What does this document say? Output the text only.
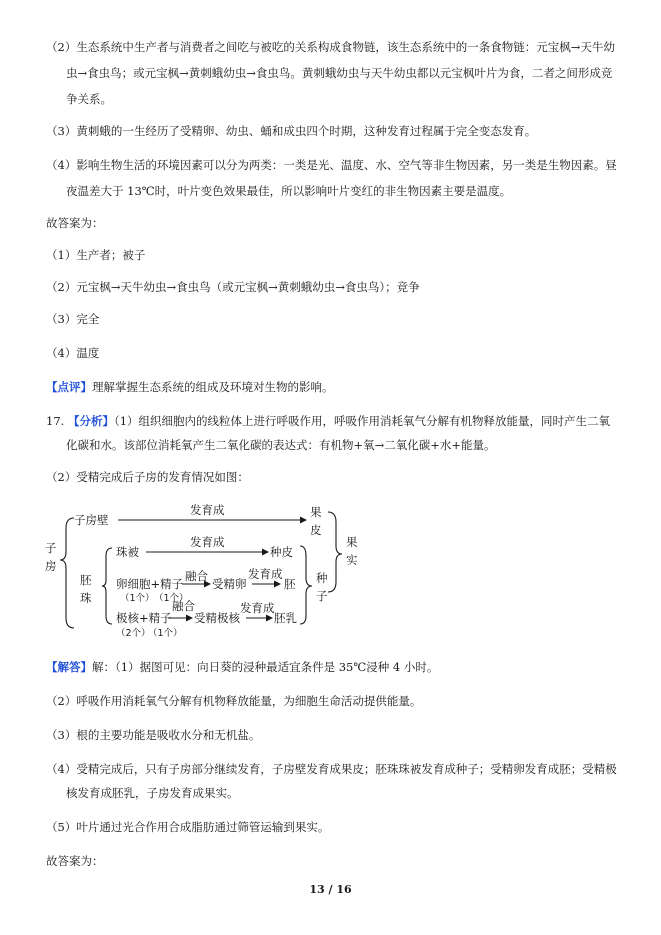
（2）生态系统中生产者与消费者之间吃与被吃的关系构成食物链，该生态系统中的一条食物链：元宝枫→天牛幼
虫→食虫鸟；或元宝枫→黄刺蛾幼虫→食虫鸟。黄刺蛾幼虫与天牛幼虫都以元宝枫叶片为食，二者之间形成竞
争关系。
（3）黄刺蛾的一生经历了受精卵、幼虫、蛹和成虫四个时期，这种发育过程属于完全变态发育。
（4）影响生物生活的环境因素可以分为两类：一类是光、温度、水、空气等非生物因素，另一类是生物因素。昼
夜温差大于 13℃时，叶片变色效果最佳，所以影响叶片变红的非生物因素主要是温度。
故答案为：
（1）生产者；被子
（2）元宝枫→天牛幼虫→食虫鸟（或元宝枫→黄刺蛾幼虫→食虫鸟）；竞争
（3）完全
（4）温度
【点评】理解掌握生态系统的组成及环境对生物的影响。
17. 【分析】（1）组织细胞内的线粒体上进行呼吸作用，呼吸作用消耗氧气分解有机物释放能量，同时产生二氧
化碳和水。该部位消耗氧产生二氧化碳的表达式：有机物+氧→二氧化碳+水+能量。
（2）受精完成后子房的发育情况如图：
子
房
子房壁
发育成	果
皮
果
实
胚
珠
珠被
发育成
种皮
卵细胞+精子
融合
受精卵
发育成
胚
（1个） （1个）
极核+精子
融合
受精极核
发育成
胚乳
（2个）
（1个）
种
子
【解答】解：（1）据图可见：向日葵的浸种最适宜条件是 35℃浸种 4 小时。
（2）呼吸作用消耗氧气分解有机物释放能量，为细胞生命活动提供能量。
（3）根的主要功能是吸收水分和无机盐。
（4）受精完成后，只有子房部分继续发育，子房壁发育成果皮；胚珠珠被发育成种子；受精卵发育成胚；受精极
核发育成胚乳，子房发育成果实。
（5）叶片通过光合作用合成脂肪通过筛管运输到果实。
故答案为：
13 / 16
